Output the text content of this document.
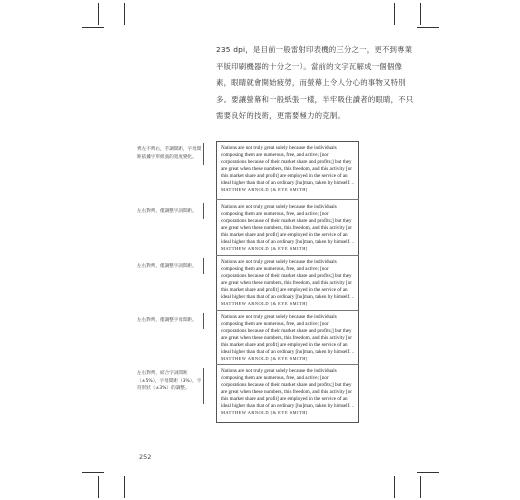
235 dpi，是目前一般雷射印表機的三分之一，更不到專業平版印刷機器的十分之一）。當前的文字瓦解成一個個像素，眼睛就會開始疲勞，而螢幕上令人分心的事物又特別多。要讓螢幕和一般紙張一樣，半牢吸住讀者的眼睛，不只需要良好的技術，更需要極力的克制。

齊左不齊右，手調間距，字母間距依據字形紙張的寬度變化。

Nations are not truly great solely because the individuals composing them are numerous, free, and active; [nor corporations because of their market share and profits;] but they are great when these numbers, this freedom, and this activity [or this market share and profit] are employed in the service of an ideal higher than that of an ordinary [hu]man, taken by himself. – MATTHEW ARNOLD [& EYE SMITH]

左右對齊，僅調整字詞間距。

Nations are not truly great solely because the individuals composing them are numerous, free, and active; [nor corporations because of their market share and profits;] but they are great when these numbers, this freedom, and this activity [or this market share and profit] are employed in the service of an ideal higher than that of an ordinary [hu]man, taken by himself. – MATTHEW ARNOLD [& EYE SMITH]

左右對齊，僅調整字詞間距。

Nations are not truly great solely because the individuals composing them are numerous, free, and active; [nor corporations because of their market share and profits;] but they are great when these numbers, this freedom, and this activity [or this market share and profit] are employed in the service of an ideal higher than that of an ordinary [hu]man, taken by himself. – MATTHEW ARNOLD [& EYE SMITH]

左右對齊，僅調整字母間距。

Nations are not truly great solely because the individuals composing them are numerous, free, and active; [nor corporations because of their market share and profits;] but they are great when these numbers, this freedom, and this activity [or this market share and profit] are employed in the service of an ideal higher than that of an ordinary [hu]man, taken by himself. – MATTHEW ARNOLD [& EYE SMITH]

左右對齊，結合字詞間距（±5%），字母間距（3%），字符形狀（±3%）的調整。

Nations are not truly great solely because the individuals composing them are numerous, free, and active; [nor corporations because of their market share and profits;] but they are great when these numbers, this freedom, and this activity [or this market share and profit] are employed in the service of an ideal higher than that of an ordinary [hu]man, taken by himself. – MATTHEW ARNOLD [& EYE SMITH]

252
